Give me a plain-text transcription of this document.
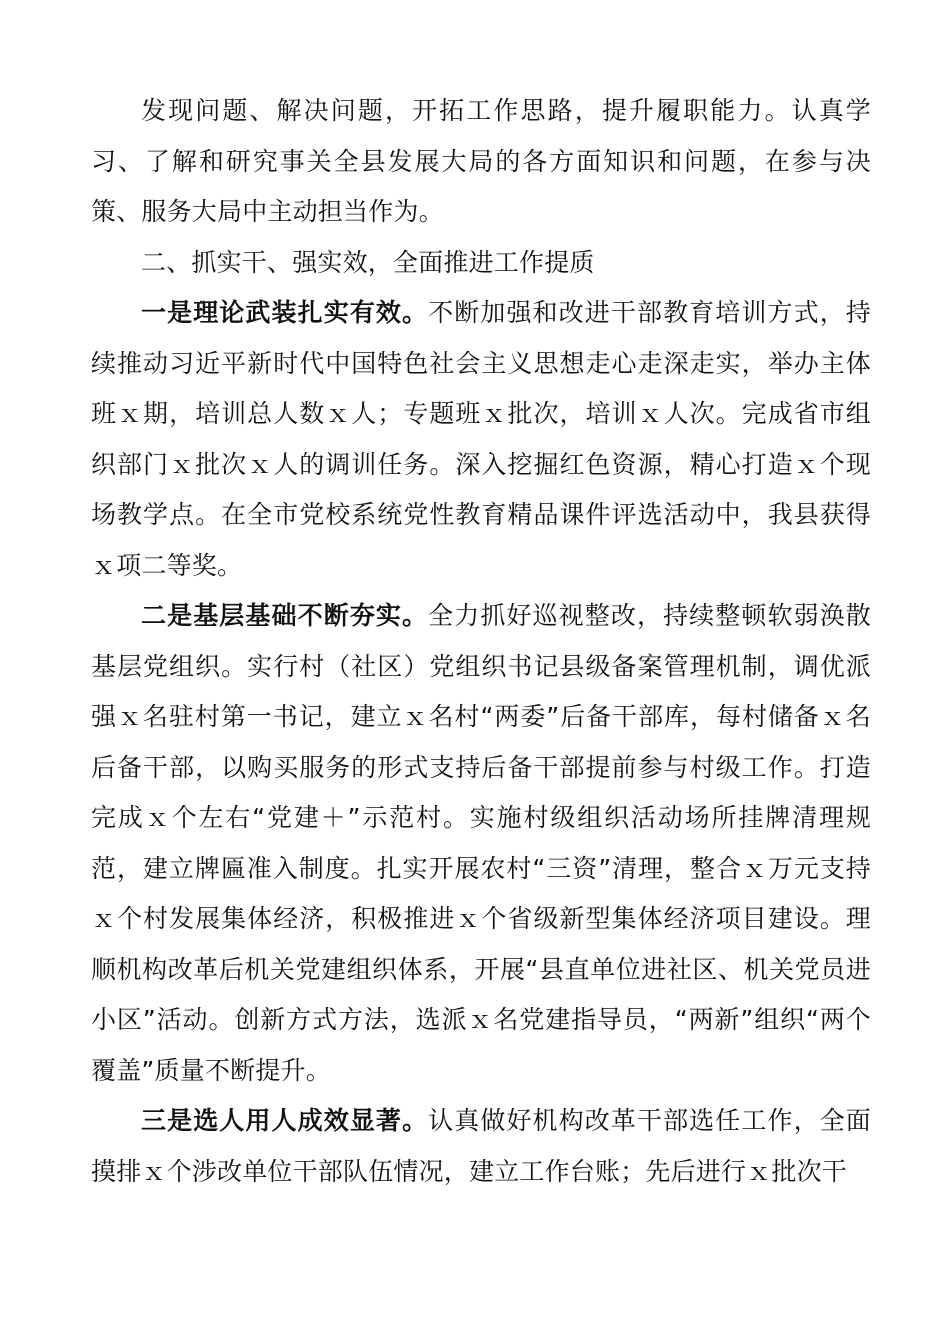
发现问题、解决问题，开拓工作思路，提升履职能力。认真学习、了解和研究事关全县发展大局的各方面知识和问题，在参与决策、服务大局中主动担当作为。

二、抓实干、强实效，全面推进工作提质

一是理论武装扎实有效。不断加强和改进干部教育培训方式，持续推动习近平新时代中国特色社会主义思想走心走深走实，举办主体班ｘ期，培训总人数ｘ人；专题班ｘ批次，培训ｘ人次。完成省市组织部门ｘ批次ｘ人的调训任务。深入挖掘红色资源，精心打造ｘ个现场教学点。在全市党校系统党性教育精品课件评选活动中，我县获得ｘ项二等奖。

二是基层基础不断夯实。全力抓好巡视整改，持续整顿软弱涣散基层党组织。实行村（社区）党组织书记县级备案管理机制，调优派强ｘ名驻村第一书记，建立ｘ名村“两委”后备干部库，每村储备ｘ名后备干部，以购买服务的形式支持后备干部提前参与村级工作。打造完成ｘ个左右“党建＋”示范村。实施村级组织活动场所挂牌清理规范，建立牌匾准入制度。扎实开展农村“三资”清理，整合ｘ万元支持ｘ个村发展集体经济，积极推进ｘ个省级新型集体经济项目建设。理顺机构改革后机关党建组织体系，开展“县直单位进社区、机关党员进小区”活动。创新方式方法，选派ｘ名党建指导员，“两新”组织“两个覆盖”质量不断提升。

三是选人用人成效显著。认真做好机构改革干部选任工作，全面摸排ｘ个涉改单位干部队伍情况，建立工作台账；先后进行ｘ批次干
